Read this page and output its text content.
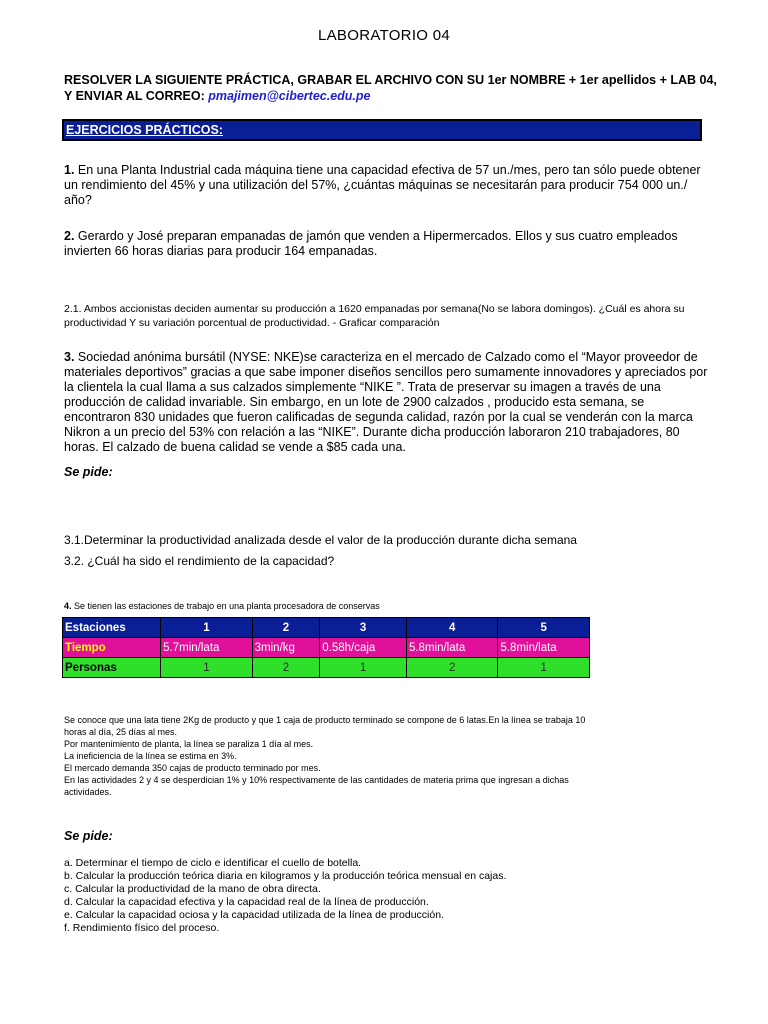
LABORATORIO 04
RESOLVER LA SIGUIENTE PRÁCTICA, GRABAR EL ARCHIVO CON SU 1er NOMBRE + 1er apellidos + LAB 04, Y ENVIAR AL CORREO: pmajimen@cibertec.edu.pe
EJERCICIOS PRÁCTICOS:
1. En una Planta Industrial cada máquina tiene una capacidad efectiva de 57 un./mes, pero tan sólo puede obtener un rendimiento del 45% y una utilización del 57%, ¿cuántas máquinas se necesitarán para producir 754 000 un./ año?
2. Gerardo y José preparan empanadas de jamón que venden a Hipermercados. Ellos y sus cuatro empleados invierten 66 horas diarias para producir 164 empanadas.
2.1. Ambos accionistas deciden aumentar su producción a 1620 empanadas por semana(No se labora domingos). ¿Cuál es ahora su productividad Y su variación porcentual de productividad. - Graficar comparación
3. Sociedad anónima bursátil (NYSE: NKE)se caracteriza en el mercado de Calzado como el “Mayor proveedor de materiales deportivos” gracias a que sabe imponer diseños sencillos pero sumamente innovadores y apreciados por la clientela la cual llama a sus calzados simplemente “NIKE ”. Trata de preservar su imagen a través de una producción de calidad invariable. Sin embargo, en un lote de 2900 calzados , producido esta semana, se encontraron 830 unidades que fueron calificadas de segunda calidad, razón por la cual se venderán con la marca Nikron a un precio del 53% con relación a las “NIKE”. Durante dicha producción laboraron 210 trabajadores, 80 horas. El calzado de buena calidad se vende a $85 cada una.
Se pide:
3.1.Determinar la productividad analizada desde el valor de la producción durante dicha semana
3.2. ¿Cuál ha sido el rendimiento de la capacidad?
4. Se tienen las estaciones de trabajo en una planta procesadora de conservas
Estaciones	1	2	3	4	5
Tiempo	5.7min/lata	3min/kg	0.58h/caja	5.8min/lata	5.8min/lata
Personas	1	2	1	2	1
Se conoce que una lata tiene 2Kg de producto y que 1 caja de producto terminado se compone de 6 latas.En la línea se trabaja 10
horas al día, 25 días al mes.
Por mantenimiento de planta, la línea se paraliza 1 día al mes.
La ineficiencia de la línea se estima en 3%.
El mercado demanda 350 cajas de producto terminado por mes.
En las actividades 2 y 4 se desperdician 1% y 10% respectivamente de las cantidades de materia prima que ingresan a dichas
actividades.
Se pide:
a. Determinar el tiempo de ciclo e identificar el cuello de botella.
b. Calcular la producción teórica diaria en kilogramos y la producción teórica mensual en cajas.
c. Calcular la productividad de la mano de obra directa.
d. Calcular la capacidad efectiva y la capacidad real de la línea de producción.
e. Calcular la capacidad ociosa y la capacidad utilizada de la línea de producción.
f. Rendimiento físico del proceso.
